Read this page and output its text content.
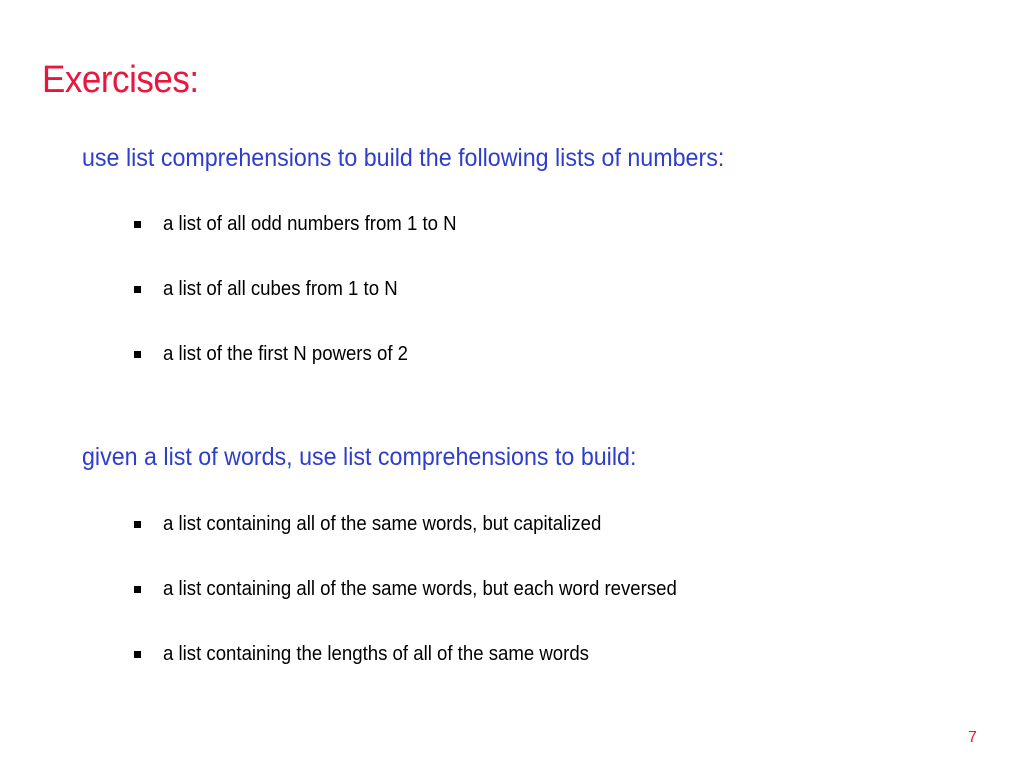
Exercises:
use list comprehensions to build the following lists of numbers:
a list of all odd numbers from 1 to N
a list of all cubes from 1 to N
a list of the first N powers of 2
given a list of words, use list comprehensions to build:
a list containing all of the same words, but capitalized
a list containing all of the same words, but each word reversed
a list containing the lengths of all of the same words
7
